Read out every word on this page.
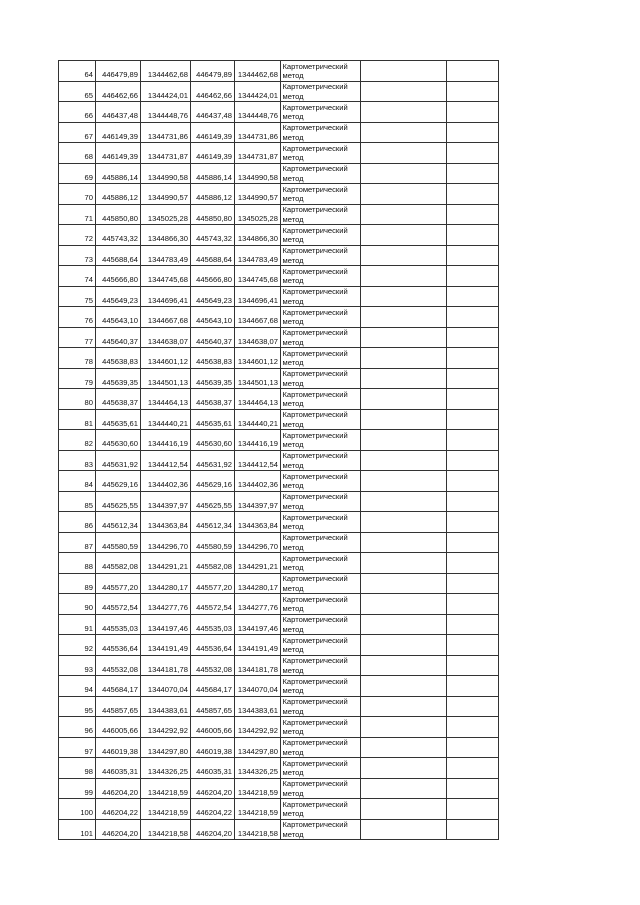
64	446479,89	1344462,68	446479,89	1344462,68	Картометрический метод		
65	446462,66	1344424,01	446462,66	1344424,01	Картометрический метод		
66	446437,48	1344448,76	446437,48	1344448,76	Картометрический метод		
67	446149,39	1344731,86	446149,39	1344731,86	Картометрический метод		
68	446149,39	1344731,87	446149,39	1344731,87	Картометрический метод		
69	445886,14	1344990,58	445886,14	1344990,58	Картометрический метод		
70	445886,12	1344990,57	445886,12	1344990,57	Картометрический метод		
71	445850,80	1345025,28	445850,80	1345025,28	Картометрический метод		
72	445743,32	1344866,30	445743,32	1344866,30	Картометрический метод		
73	445688,64	1344783,49	445688,64	1344783,49	Картометрический метод		
74	445666,80	1344745,68	445666,80	1344745,68	Картометрический метод		
75	445649,23	1344696,41	445649,23	1344696,41	Картометрический метод		
76	445643,10	1344667,68	445643,10	1344667,68	Картометрический метод		
77	445640,37	1344638,07	445640,37	1344638,07	Картометрический метод		
78	445638,83	1344601,12	445638,83	1344601,12	Картометрический метод		
79	445639,35	1344501,13	445639,35	1344501,13	Картометрический метод		
80	445638,37	1344464,13	445638,37	1344464,13	Картометрический метод		
81	445635,61	1344440,21	445635,61	1344440,21	Картометрический метод		
82	445630,60	1344416,19	445630,60	1344416,19	Картометрический метод		
83	445631,92	1344412,54	445631,92	1344412,54	Картометрический метод		
84	445629,16	1344402,36	445629,16	1344402,36	Картометрический метод		
85	445625,55	1344397,97	445625,55	1344397,97	Картометрический метод		
86	445612,34	1344363,84	445612,34	1344363,84	Картометрический метод		
87	445580,59	1344296,70	445580,59	1344296,70	Картометрический метод		
88	445582,08	1344291,21	445582,08	1344291,21	Картометрический метод		
89	445577,20	1344280,17	445577,20	1344280,17	Картометрический метод		
90	445572,54	1344277,76	445572,54	1344277,76	Картометрический метод		
91	445535,03	1344197,46	445535,03	1344197,46	Картометрический метод		
92	445536,64	1344191,49	445536,64	1344191,49	Картометрический метод		
93	445532,08	1344181,78	445532,08	1344181,78	Картометрический метод		
94	445684,17	1344070,04	445684,17	1344070,04	Картометрический метод		
95	445857,65	1344383,61	445857,65	1344383,61	Картометрический метод		
96	446005,66	1344292,92	446005,66	1344292,92	Картометрический метод		
97	446019,38	1344297,80	446019,38	1344297,80	Картометрический метод		
98	446035,31	1344326,25	446035,31	1344326,25	Картометрический метод		
99	446204,20	1344218,59	446204,20	1344218,59	Картометрический метод		
100	446204,22	1344218,59	446204,22	1344218,59	Картометрический метод		
101	446204,20	1344218,58	446204,20	1344218,58	Картометрический метод		
